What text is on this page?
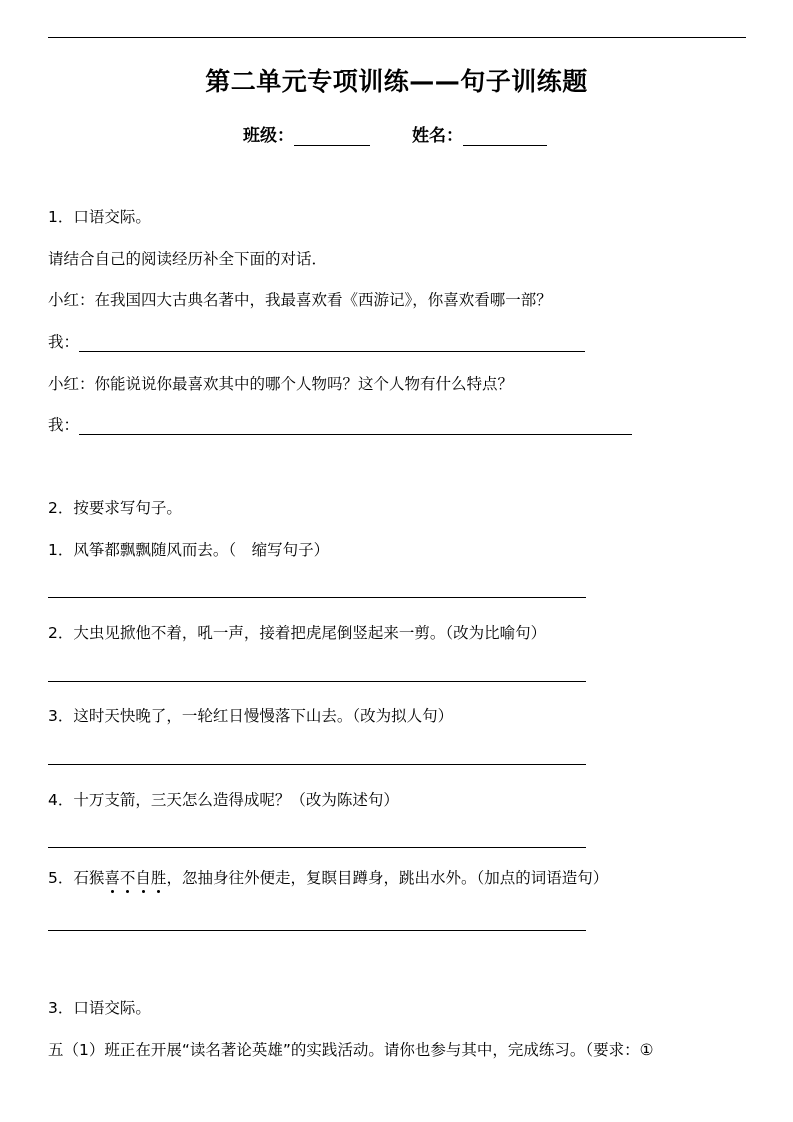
第二单元专项训练——句子训练题
班级：	姓名：
1．口语交际。
请结合自己的阅读经历补全下面的对话．
小红：在我国四大古典名著中，我最喜欢看《西游记》，你喜欢看哪一部？
我：
小红：你能说说你最喜欢其中的哪个人物吗？这个人物有什么特点？
我：
2．按要求写句子。
1．风筝都飘飘随风而去。（　缩写句子）
2．大虫见掀他不着，吼一声，接着把虎尾倒竖起来一剪。（改为比喻句）
3．这时天快晚了，一轮红日慢慢落下山去。（改为拟人句）
4．十万支箭，三天怎么造得成呢？（改为陈述句）
5．石猴喜不自胜，忽抽身往外便走，复瞑目蹲身，跳出水外。（加点的词语造句）
3．口语交际。
五（1）班正在开展“读名著论英雄”的实践活动。请你也参与其中，完成练习。（要求：①
